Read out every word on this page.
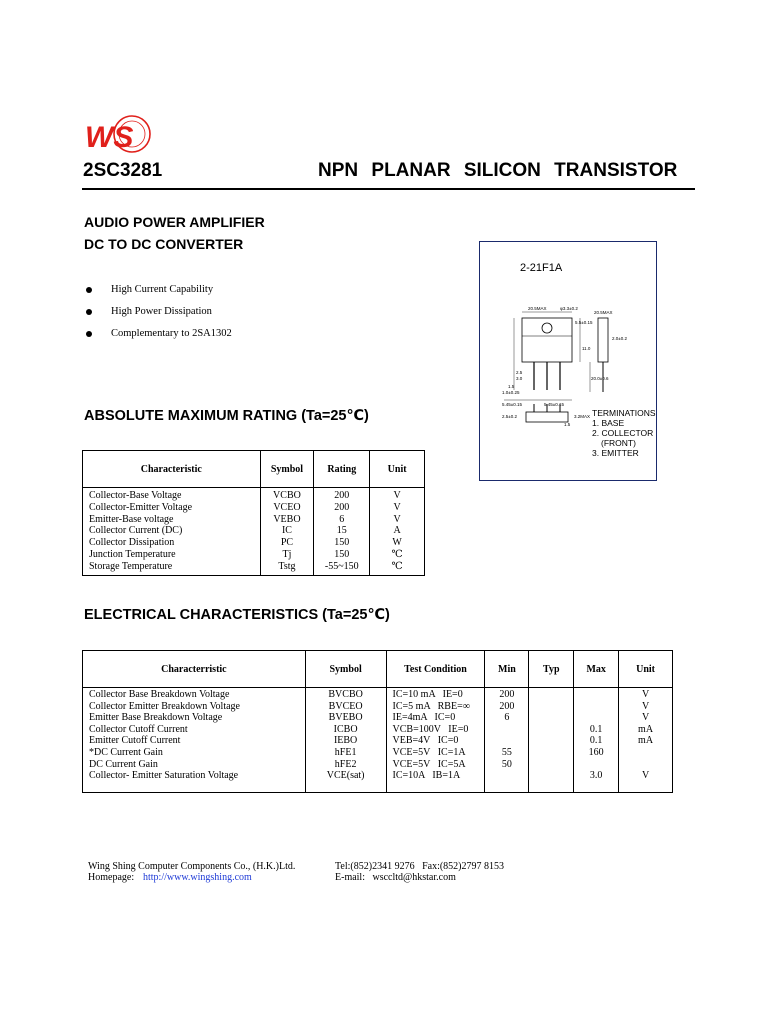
WS
2SC3281	NPN PLANAR SILICON TRANSISTOR
AUDIO POWER AMPLIFIER
DC TO DC CONVERTER
High Current Capability
High Power Dissipation
Complementary to 2SA1302
2-21F1A
20.5MAX	φ3.3±0.2
5.5±0.15
20.5MAX
2.0±0.2
11.0
2.5
3.0	20.0±0.6
1.5
1.0±0.25
5.45±0.15	5.45±0.15
3.2MAX
1.5
2.5±0.2	TERMINATIONS
1. BASE
2. COLLECTOR
(FRONT)
3. EMITTER
ABSOLUTE MAXIMUM RATING (Ta=25℃)
Characteristic	Symbol	Rating	Unit
Collector-Base Voltage	VCBO	200	V
Collector-Emitter Voltage	VCEO	200	V
Emitter-Base voltage	VEBO	6	V
Collector Current (DC)	IC	15	A
Collector Dissipation	PC	150	W
Junction Temperature	Tj	150	℃
Storage Temperature	Tstg	-55~150	℃
ELECTRICAL CHARACTERISTICS (Ta=25℃)
Characterristic	Symbol	Test Condition	Min	Typ	Max	Unit
Collector Base Breakdown Voltage	BVCBO	IC=10 mA   IE=0	200			V
Collector Emitter Breakdown Voltage	BVCEO	IC=5 mA   RBE=∞	200			V
Emitter Base Breakdown Voltage	BVEBO	IE=4mA   IC=0	6			V
Collector Cutoff Current	ICBO	VCB=100V   IE=0			0.1	mA
Emitter Cutoff Current	IEBO	VEB=4V   IC=0			0.1	mA
*DC Current Gain	hFE1	VCE=5V   IC=1A	55		160	
DC Current Gain	hFE2	VCE=5V   IC=5A	50			
Collector- Emitter Saturation Voltage	VCE(sat)	IC=10A   IB=1A			3.0	V
Wing Shing Computer Components Co., (H.K.)Ltd.
Homepage: http://www.wingshing.com
Tel:(852)2341 9276   Fax:(852)2797 8153
E-mail:   wsccltd@hkstar.com
